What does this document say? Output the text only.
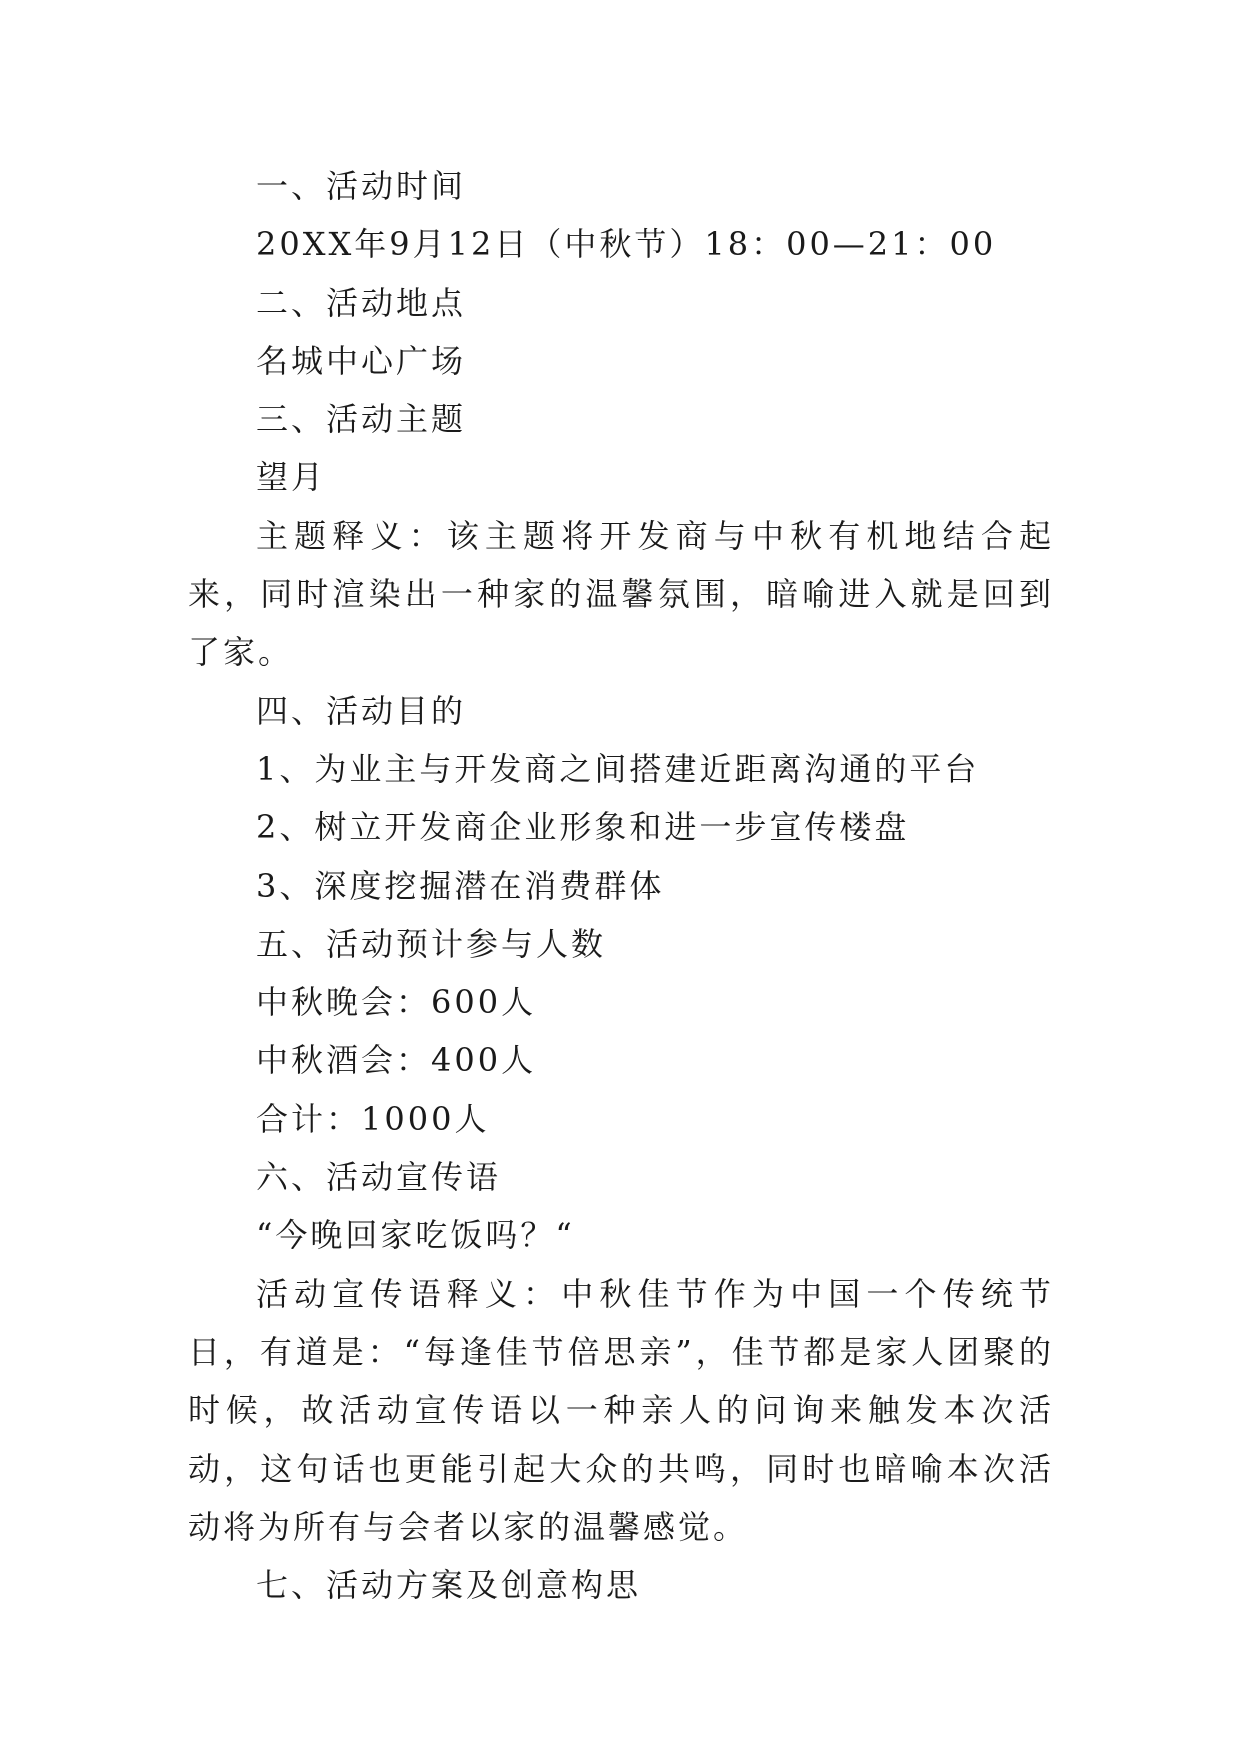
一、活动时间

20XX年9月12日（中秋节）18：00—21：00

二、活动地点

名城中心广场

三、活动主题

望月

主题释义：该主题将开发商与中秋有机地结合起来，同时渲染出一种家的温馨氛围，暗喻进入就是回到了家。

四、活动目的

1、为业主与开发商之间搭建近距离沟通的平台

2、树立开发商企业形象和进一步宣传楼盘

3、深度挖掘潜在消费群体

五、活动预计参与人数

中秋晚会：600人

中秋酒会：400人

合计：1000人

六、活动宣传语

“今晚回家吃饭吗？“

活动宣传语释义：中秋佳节作为中国一个传统节日，有道是：“每逢佳节倍思亲”，佳节都是家人团聚的时候，故活动宣传语以一种亲人的问询来触发本次活动，这句话也更能引起大众的共鸣，同时也暗喻本次活动将为所有与会者以家的温馨感觉。

七、活动方案及创意构思
